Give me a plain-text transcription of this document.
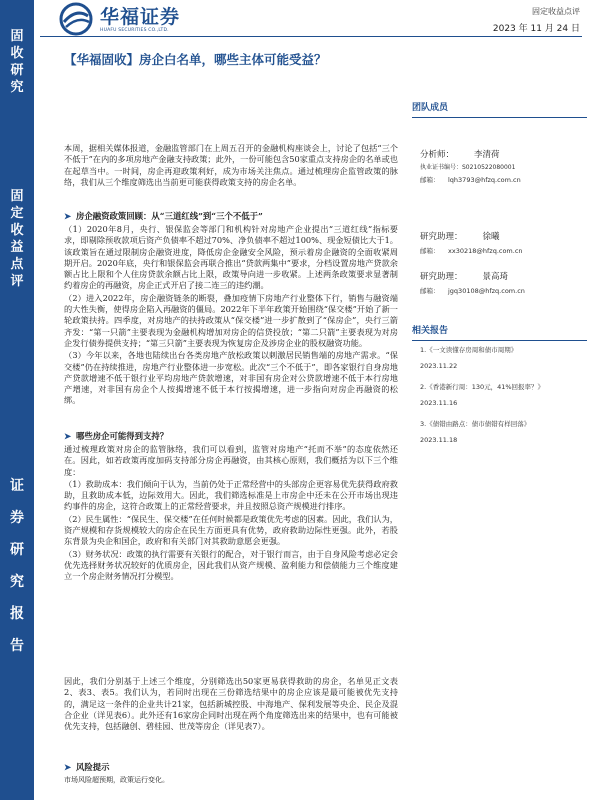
固
收
研
究
固
定
收
益
点
评
证
券
研
究
报
告
华福证券
HUAFU SECURITIES CO.,LTD.
固定收益点评
2023 年 11 月 24 日
【华福固收】房企白名单，哪些主体可能受益？
团队成员
分析师： 李清荷
执业证书编号：S0210522080001
邮箱： lqh3793@hfzq.com.cn
研究助理： 徐曦
邮箱： xx30218@hfzq.com.cn
研究助理： 景高琦
邮箱： jgq30108@hfzq.com.cn
相关报告
1.《一文读懂存房周和债市周期》
2023.11.22
2.《香港新行周：130元，41%回报率？》
2023.11.16
3.《债错由路点：债市债错有样回落》
2023.11.18
本周，据相关媒体报道，金融监管部门在上周五召开的金融机构座谈会上，讨论了包括“三个不低于”在内的多项房地产金融支持政策；此外，一份可能包含50家重点支持房企的名单或也在起草当中。一时间，房企再迎政策利好，成为市场关注焦点。通过梳理房企监管政策的脉络，我们从三个维度筛选出当前更可能获得政策支持的房企名单。
➤ 房企融资政策回顾：从“三道红线”到“三个不低于”

（1）2020年8月，央行、银保监会等部门和机构针对房地产企业提出“三道红线”指标要求，即剔除预收款项后资产负债率不超过70%、净负债率不超过100%、现金短债比大于1。该政策旨在通过限制房企融资进度，降低房企金融安全风险，预示着房企融资的全面收紧周期开启。2020年底，央行和银保监会再联合推出“贷款两集中”要求，分档设置房地产贷款余额占比上限和个人住房贷款余额占比上限，政策导向进一步收紧。上述两条政策要求显著制约着房企的再融资，房企正式开启了接二连三的违约潮。

（2）进入2022年，房企融资链条的断裂，叠加疫情下房地产行业整体下行，销售与融资端的大性失衡，使得房企陷入再融资的僵局。2022年下半年政策开始围绕“保交楼”开始了新一轮政策扶持。四季度，对房地产的扶持政策从“保交楼”进一步扩散到了“保房企”，央行三箭齐发：“第一只箭”主要表现为金融机构增加对房企的信贷投放；“第二只箭”主要表现为对房企发行债券提供支持；“第三只箭”主要表现为恢复房企及涉房企业的股权融资功能。

（3）今年以来，各地也陆续出台各类房地产放松政策以刺激居民销售端的房地产需求。“保交楼”仍在持续推进，房地产行业整体进一步宽松。此次“三个不低于”，即各家银行自身房地产贷款增速不低于银行业平均房地产贷款增速，对非国有房企对公贷款增速不低于本行房地产增速，对非国有房企个人按揭增速不低于本行按揭增速，进一步指向对房企再融资的松绑。

➤ 哪些房企可能得到支持？

通过梳理政策对房企的监管脉络，我们可以看到，监管对房地产“托而不举”的态度依然还在。因此，如若政策再度加码支持部分房企再融资，由其核心原则，我们概括为以下三个维度：

（1）救助成本：我们倾向于认为，当前仍处于正常经营中的头部房企更容易优先获得政府救助，且救助成本低，边际效用大。因此，我们筛选标准是上市房企中还未在公开市场出现违约事件的房企，这符合政策上的正常经营要求，并且按照总资产规模进行排序。

（2）民生属性：“保民生、保交楼”在任何时候都是政策优先考虑的因素。因此，我们认为，资产规模和存货规模较大的房企在民生方面更具有优势，政府救助边际性更强。此外，若股东背景为央企和国企，政府和有关部门对其救助意愿会更强。

（3）财务状况：政策的执行需要有关银行的配合，对于银行而言，由于自身风险考虑必定会优先选择财务状况较好的优质房企，因此我们从资产规模、盈利能力和偿债能力三个维度建立一个房企财务情况打分模型。

因此，我们分别基于上述三个维度，分别筛选出50家更易获得救助的房企，名单见正文表2、表3、表5。我们认为，若同时出现在三份筛选结果中的房企应该是最可能被优先支持的，满足这一条件的企业共计21家，包括新城控股、中海地产、保利发展等央企、民企及混合企业（详见表6）。此外还有16家房企同时出现在两个角度筛选出来的结果中，也有可能被优先支持，包括融创、碧桂园、世茂等房企（详见表7）。

➤ 风险提示
市场风险超预期，政策运行变化。
